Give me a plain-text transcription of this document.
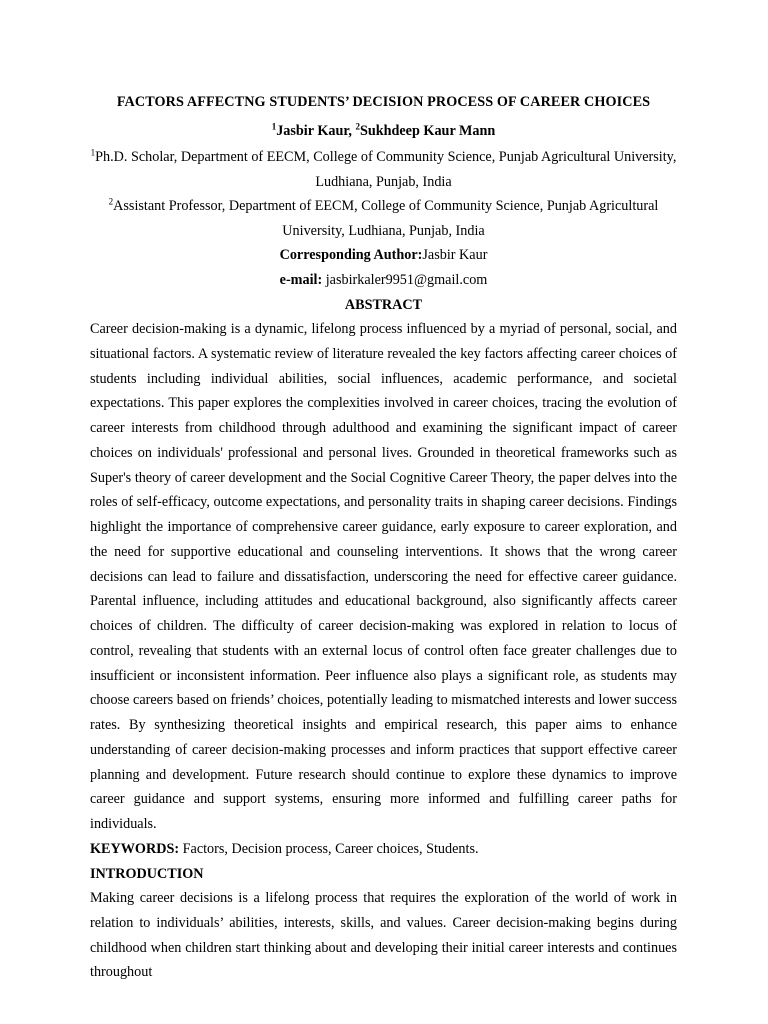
FACTORS AFFECTNG STUDENTS’ DECISION PROCESS OF CAREER CHOICES
$^1$Jasbir Kaur, $^2$Sukhdeep Kaur Mann
$^1$Ph.D. Scholar, Department of EECM, College of Community Science, Punjab Agricultural University,
Ludhiana, Punjab, India
$^2$Assistant Professor, Department of EECM, College of Community Science, Punjab Agricultural
University, Ludhiana, Punjab, India
Corresponding Author:Jasbir Kaur
e-mail: jasbirkaler9951@gmail.com
ABSTRACT
Career decision-making is a dynamic, lifelong process influenced by a myriad of personal, social, and situational factors. A systematic review of literature revealed the key factors affecting career choices of students including individual abilities, social influences, academic performance, and societal expectations. This paper explores the complexities involved in career choices, tracing the evolution of career interests from childhood through adulthood and examining the significant impact of career choices on individuals' professional and personal lives. Grounded in theoretical frameworks such as Super's theory of career development and the Social Cognitive Career Theory, the paper delves into the roles of self-efficacy, outcome expectations, and personality traits in shaping career decisions. Findings highlight the importance of comprehensive career guidance, early exposure to career exploration, and the need for supportive educational and counseling interventions. It shows that the wrong career decisions can lead to failure and dissatisfaction, underscoring the need for effective career guidance. Parental influence, including attitudes and educational background, also significantly affects career choices of children. The difficulty of career decision-making was explored in relation to locus of control, revealing that students with an external locus of control often face greater challenges due to insufficient or inconsistent information. Peer influence also plays a significant role, as students may choose careers based on friends’ choices, potentially leading to mismatched interests and lower success rates. By synthesizing theoretical insights and empirical research, this paper aims to enhance understanding of career decision-making processes and inform practices that support effective career planning and development. Future research should continue to explore these dynamics to improve career guidance and support systems, ensuring more informed and fulfilling career paths for individuals.
KEYWORDS: Factors, Decision process, Career choices, Students.
INTRODUCTION
Making career decisions is a lifelong process that requires the exploration of the world of work in relation to individuals’ abilities, interests, skills, and values. Career decision-making begins during childhood when children start thinking about and developing their initial career interests and continues throughout
